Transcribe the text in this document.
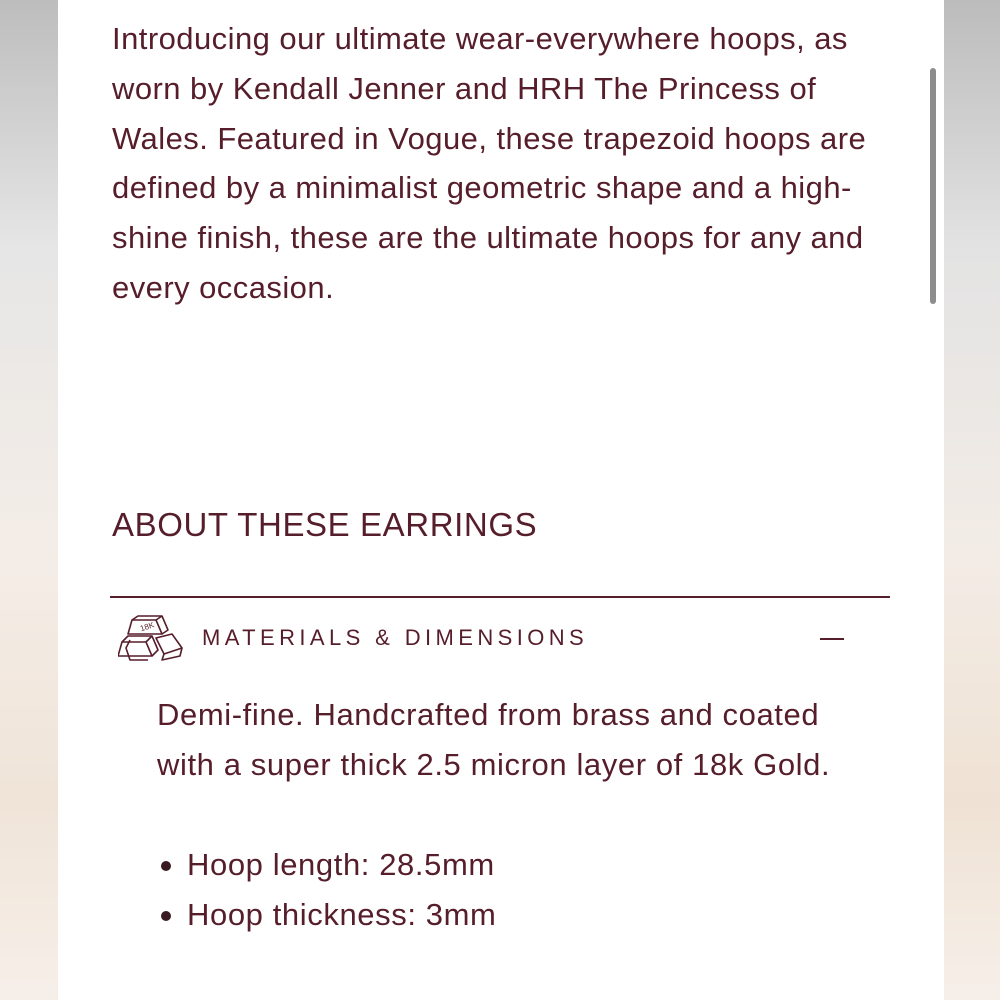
Introducing our ultimate wear-everywhere hoops, as worn by Kendall Jenner and HRH The Princess of Wales. Featured in Vogue, these trapezoid hoops are defined by a minimalist geometric shape and a high-shine finish, these are the ultimate hoops for any and every occasion.

ABOUT THESE EARRINGS
18K MATERIALS & DIMENSIONS

Demi-fine. Handcrafted from brass and coated with a super thick 2.5 micron layer of 18k Gold.

Hoop length: 28.5mm
Hoop thickness: 3mm
